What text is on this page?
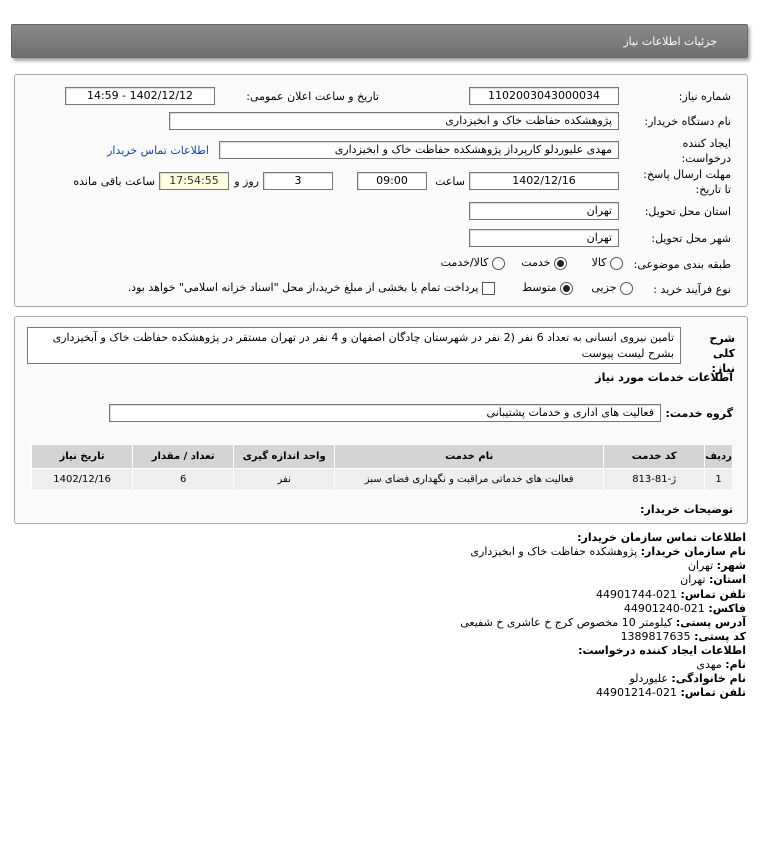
جزئیات اطلاعات نیاز
شماره نیاز:
1102003043000034
تاریخ و ساعت اعلان عمومی:
1402/12/12 - 14:59
نام دستگاه خریدار:
پژوهشکده حفاظت خاک و ابخیزداری
ایجاد کننده
درخواست:
مهدی علیوردلو کارپرداز پژوهشکده حفاظت خاک و ابخیزداری
اطلاعات تماس خریدار
مهلت ارسال پاسخ:
تا تاریخ:
1402/12/16
ساعت
09:00
3
روز و
17:54:55
ساعت باقی مانده
استان محل تحویل:
تهران
شهر محل تحویل:
تهران
طبقه بندی موضوعی:
کالا
خدمت
کالا/خدمت
نوع فرآیند خرید :
جزیی
متوسط
پرداخت تمام یا بخشی از مبلغ خرید،از محل "اسناد خزانه اسلامی" خواهد بود.
شرح کلی نیاز:
تامین نیروی انسانی به تعداد 6 نفر (2 نفر در شهرستان چادگان اصفهان و 4 نفر در تهران مستقر در پژوهشکده حفاظت خاک و آبخیزداری بشرح لیست پیوست
اطلاعات خدمات مورد نیاز
گروه خدمت:
فعالیت های اداری و خدمات پشتیبانی
ردیف	کد خدمت	نام خدمت	واحد اندازه گیری	تعداد / مقدار	تاریخ نیاز
1	ژ-81-813	فعالیت های خدماتی مراقبت و نگهداری فضای سبز	نفر	6	1402/12/16
توضیحات خریدار:
اطلاعات تماس سازمان خریدار:
نام سازمان خریدار: پژوهشکده حفاظت خاک و ابخیزداری
شهر: تهران
استان: تهران
تلفن تماس: 021-44901744
فاکس: 021-44901240
آدرس پستی: کیلومتر 10 مخصوص کرج خ عاشری خ شفیعی
کد پستی: 1389817635
اطلاعات ایجاد کننده درخواست:
نام: مهدی
نام خانوادگی: علیوردلو
تلفن تماس: 021-44901214
